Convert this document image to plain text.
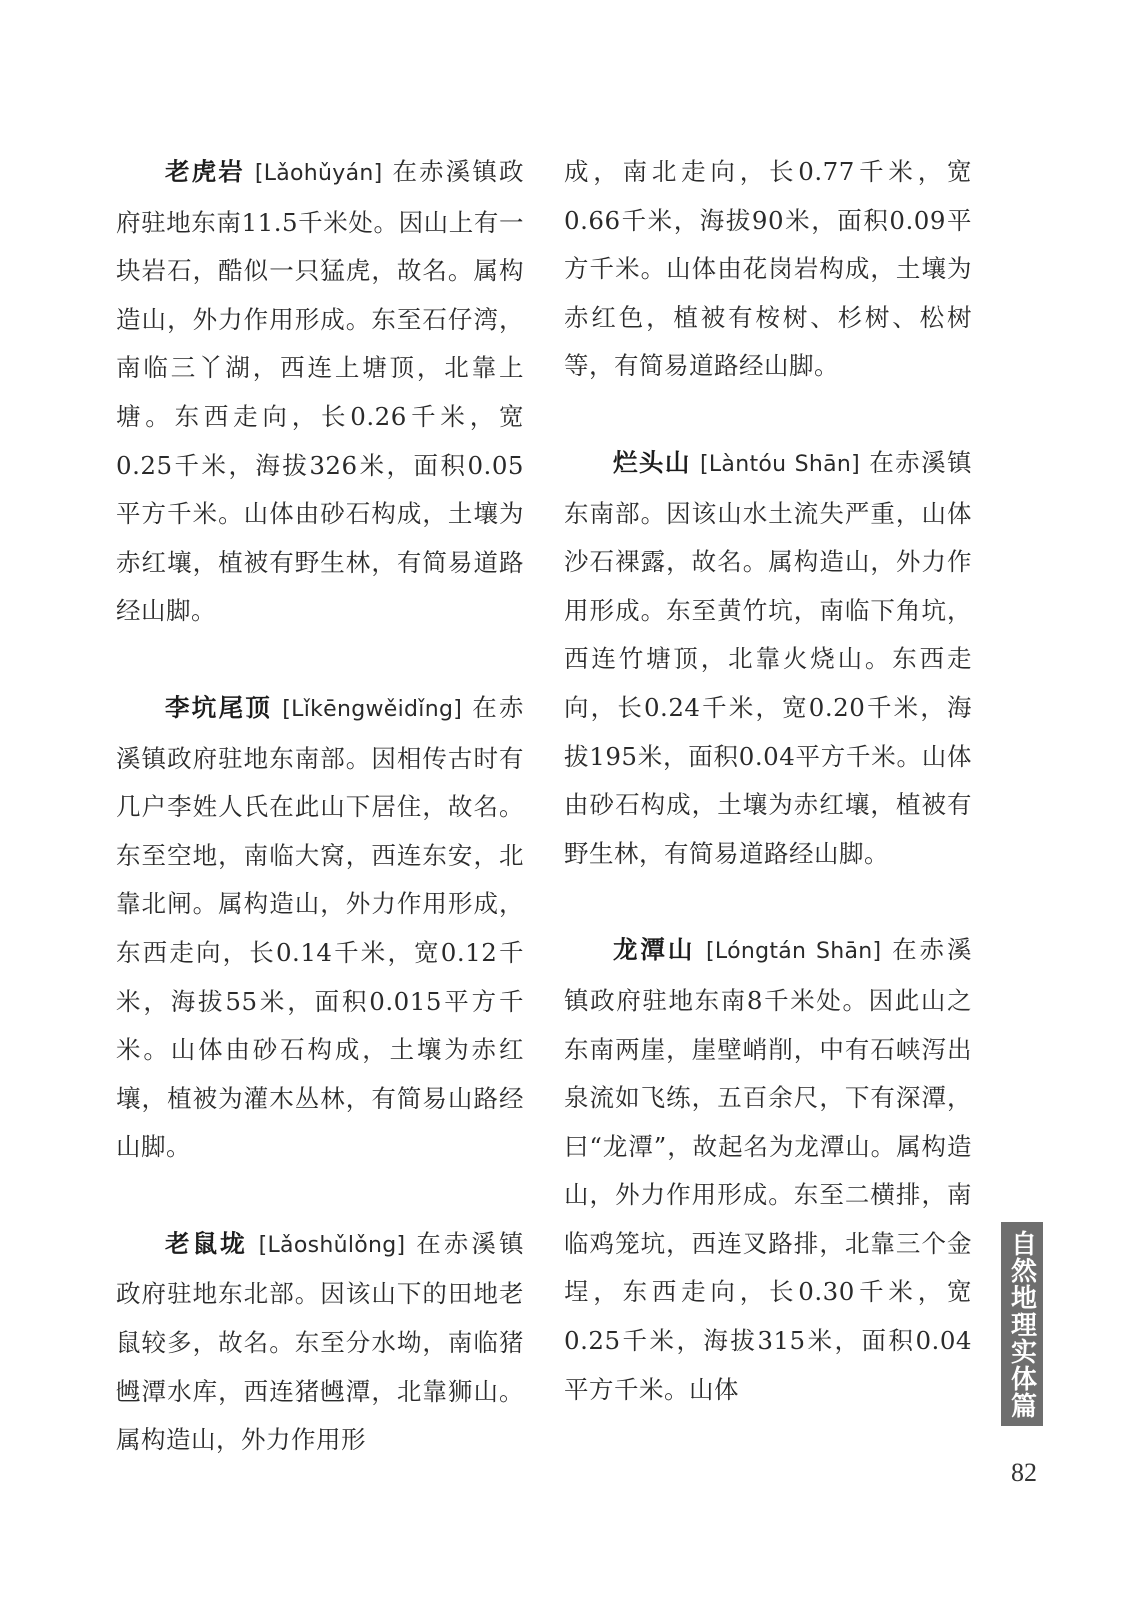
老虎岩 [Lǎohǔyán] 在赤溪镇政府驻地东南11.5千米处。因山上有一块岩石，酷似一只猛虎，故名。属构造山，外力作用形成。东至石仔湾，南临三丫湖，西连上塘顶，北靠上塘。东西走向，长0.26千米，宽0.25千米，海拔326米，面积0.05平方千米。山体由砂石构成，土壤为赤红壤，植被有野生林，有简易道路经山脚。

李坑尾顶 [Lǐkēngwěidǐng] 在赤溪镇政府驻地东南部。因相传古时有几户李姓人氏在此山下居住，故名。东至空地，南临大窝，西连东安，北靠北闸。属构造山，外力作用形成，东西走向，长0.14千米，宽0.12千米，海拔55米，面积0.015平方千米。山体由砂石构成，土壤为赤红壤，植被为灌木丛林，有简易山路经山脚。

老鼠垅 [Lǎoshǔlǒng] 在赤溪镇政府驻地东北部。因该山下的田地老鼠较多，故名。东至分水坳，南临猪乸潭水库，西连猪乸潭，北靠狮山。属构造山，外力作用形

成，南北走向，长0.77千米，宽0.66千米，海拔90米，面积0.09平方千米。山体由花岗岩构成，土壤为赤红色，植被有桉树、杉树、松树等，有简易道路经山脚。

烂头山 [Làntóu Shān] 在赤溪镇东南部。因该山水土流失严重，山体沙石裸露，故名。属构造山，外力作用形成。东至黄竹坑，南临下角坑，西连竹塘顶，北靠火烧山。东西走向，长0.24千米，宽0.20千米，海拔195米，面积0.04平方千米。山体由砂石构成，土壤为赤红壤，植被有野生林，有简易道路经山脚。

龙潭山 [Lóngtán Shān] 在赤溪镇政府驻地东南8千米处。因此山之东南两崖，崖壁峭削，中有石峡泻出泉流如飞练，五百余尺，下有深潭，曰“龙潭”，故起名为龙潭山。属构造山，外力作用形成。东至二横排，南临鸡笼坑，西连叉路排，北靠三个金埕，东西走向，长0.30千米，宽0.25千米，海拔315米，面积0.04平方千米。山体	自然地理实体篇
82
